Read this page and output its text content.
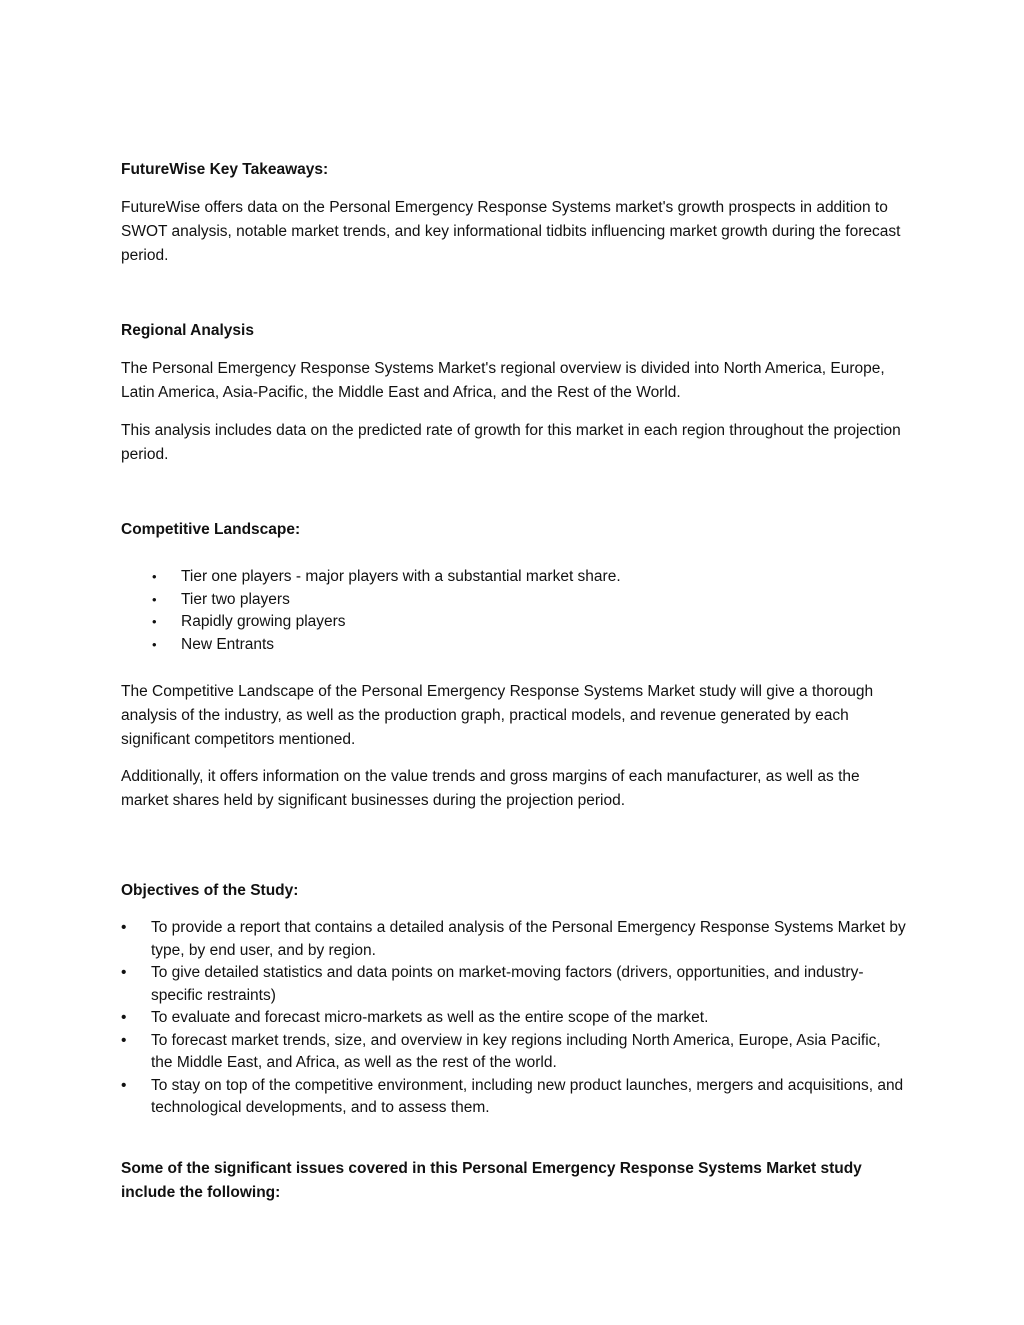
FutureWise Key Takeaways:

FutureWise offers data on the Personal Emergency Response Systems market's growth prospects in addition to SWOT analysis, notable market trends, and key informational tidbits influencing market growth during the forecast period.

Regional Analysis

The Personal Emergency Response Systems Market's regional overview is divided into North America, Europe, Latin America, Asia-Pacific, the Middle East and Africa, and the Rest of the World.

This analysis includes data on the predicted rate of growth for this market in each region throughout the projection period.

Competitive Landscape:

• Tier one players - major players with a substantial market share.
• Tier two players
• Rapidly growing players
• New Entrants

The Competitive Landscape of the Personal Emergency Response Systems Market study will give a thorough analysis of the industry, as well as the production graph, practical models, and revenue generated by each significant competitors mentioned.

Additionally, it offers information on the value trends and gross margins of each manufacturer, as well as the market shares held by significant businesses during the projection period.

Objectives of the Study:

• To provide a report that contains a detailed analysis of the Personal Emergency Response Systems Market by type, by end user, and by region.
• To give detailed statistics and data points on market-moving factors (drivers, opportunities, and industry-specific restraints)
• To evaluate and forecast micro-markets as well as the entire scope of the market.
• To forecast market trends, size, and overview in key regions including North America, Europe, Asia Pacific, the Middle East, and Africa, as well as the rest of the world.
• To stay on top of the competitive environment, including new product launches, mergers and acquisitions, and technological developments, and to assess them.

Some of the significant issues covered in this Personal Emergency Response Systems Market study include the following:
